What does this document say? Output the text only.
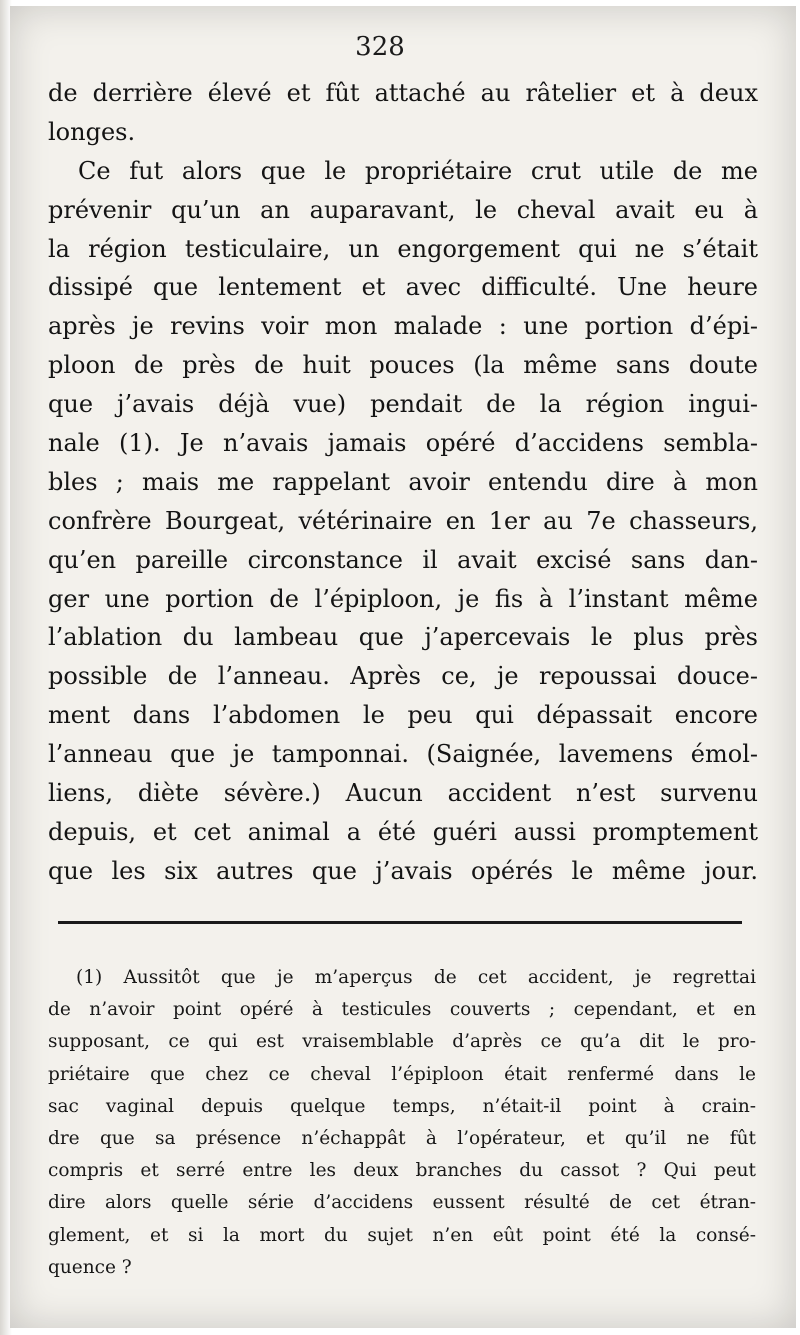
328
de derrière élevé et fût attaché au râtelier et à deux
longes.
Ce fut alors que le propriétaire crut utile de me
prévenir qu’un an auparavant, le cheval avait eu à
la région testiculaire, un engorgement qui ne s’était
dissipé que lentement et avec difficulté. Une heure
après je revins voir mon malade : une portion d’épi-
ploon de près de huit pouces (la même sans doute
que j’avais déjà vue) pendait de la région ingui-
nale (1). Je n’avais jamais opéré d’accidens sembla-
bles ; mais me rappelant avoir entendu dire à mon
confrère Bourgeat, vétérinaire en 1er au 7e chasseurs,
qu’en pareille circonstance il avait excisé sans dan-
ger une portion de l’épiploon, je fis à l’instant même
l’ablation du lambeau que j’apercevais le plus près
possible de l’anneau. Après ce, je repoussai douce-
ment dans l’abdomen le peu qui dépassait encore
l’anneau que je tamponnai. (Saignée, lavemens émol-
liens, diète sévère.) Aucun accident n’est survenu
depuis, et cet animal a été guéri aussi promptement
que les six autres que j’avais opérés le même jour.
(1) Aussitôt que je m’aperçus de cet accident, je regrettai
de n’avoir point opéré à testicules couverts ; cependant, et en
supposant, ce qui est vraisemblable d’après ce qu’a dit le pro-
priétaire que chez ce cheval l’épiploon était renfermé dans le
sac vaginal depuis quelque temps, n’était-il point à crain-
dre que sa présence n’échappât à l’opérateur, et qu’il ne fût
compris et serré entre les deux branches du cassot ? Qui peut
dire alors quelle série d’accidens eussent résulté de cet étran-
glement, et si la mort du sujet n’en eût point été la consé-
quence ?
